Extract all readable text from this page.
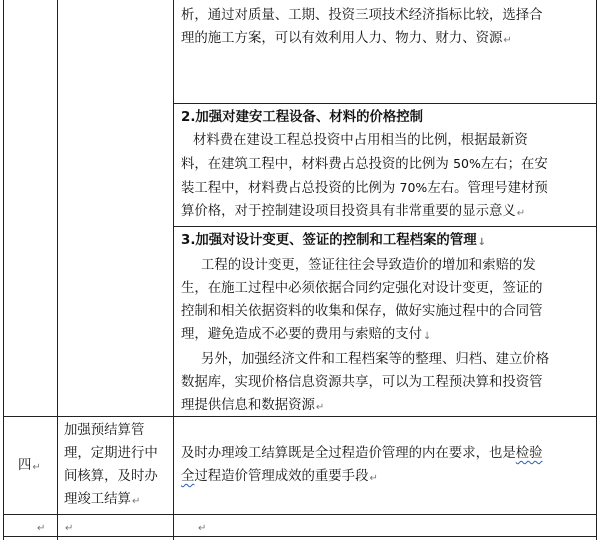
析，通过对质量、工期、投资三项技术经济指标比较，选择合
理的施工方案，可以有效利用人力、物力、财力、资源↵
2.加强对建安工程设备、材料的价格控制
材料费在建设工程总投资中占用相当的比例，根据最新资
料，在建筑工程中，材料费占总投资的比例为 50%左右；在安
装工程中，材料费占总投资的比例为 70%左右。管理号建材预
算价格，对于控制建设项目投资具有非常重要的显示意义↵
3.加强对设计变更、签证的控制和工程档案的管理↓
工程的设计变更，签证往往会导致造价的增加和索赔的发
生，在施工过程中必须依据合同约定强化对设计变更，签证的
控制和相关依据资料的收集和保存，做好实施过程中的合同管
理，避免造成不必要的费用与索赔的支付↓
另外，加强经济文件和工程档案等的整理、归档、建立价格
数据库，实现价格信息资源共享，可以为工程预决算和投资管
理提供信息和数据资源↵
四↵
加强预结算管
理，定期进行中
间核算，及时办
理竣工结算↵
及时办理竣工结算既是全过程造价管理的内在要求，也是检验
全过程造价管理成效的重要手段↵
↵ ↵	↵
